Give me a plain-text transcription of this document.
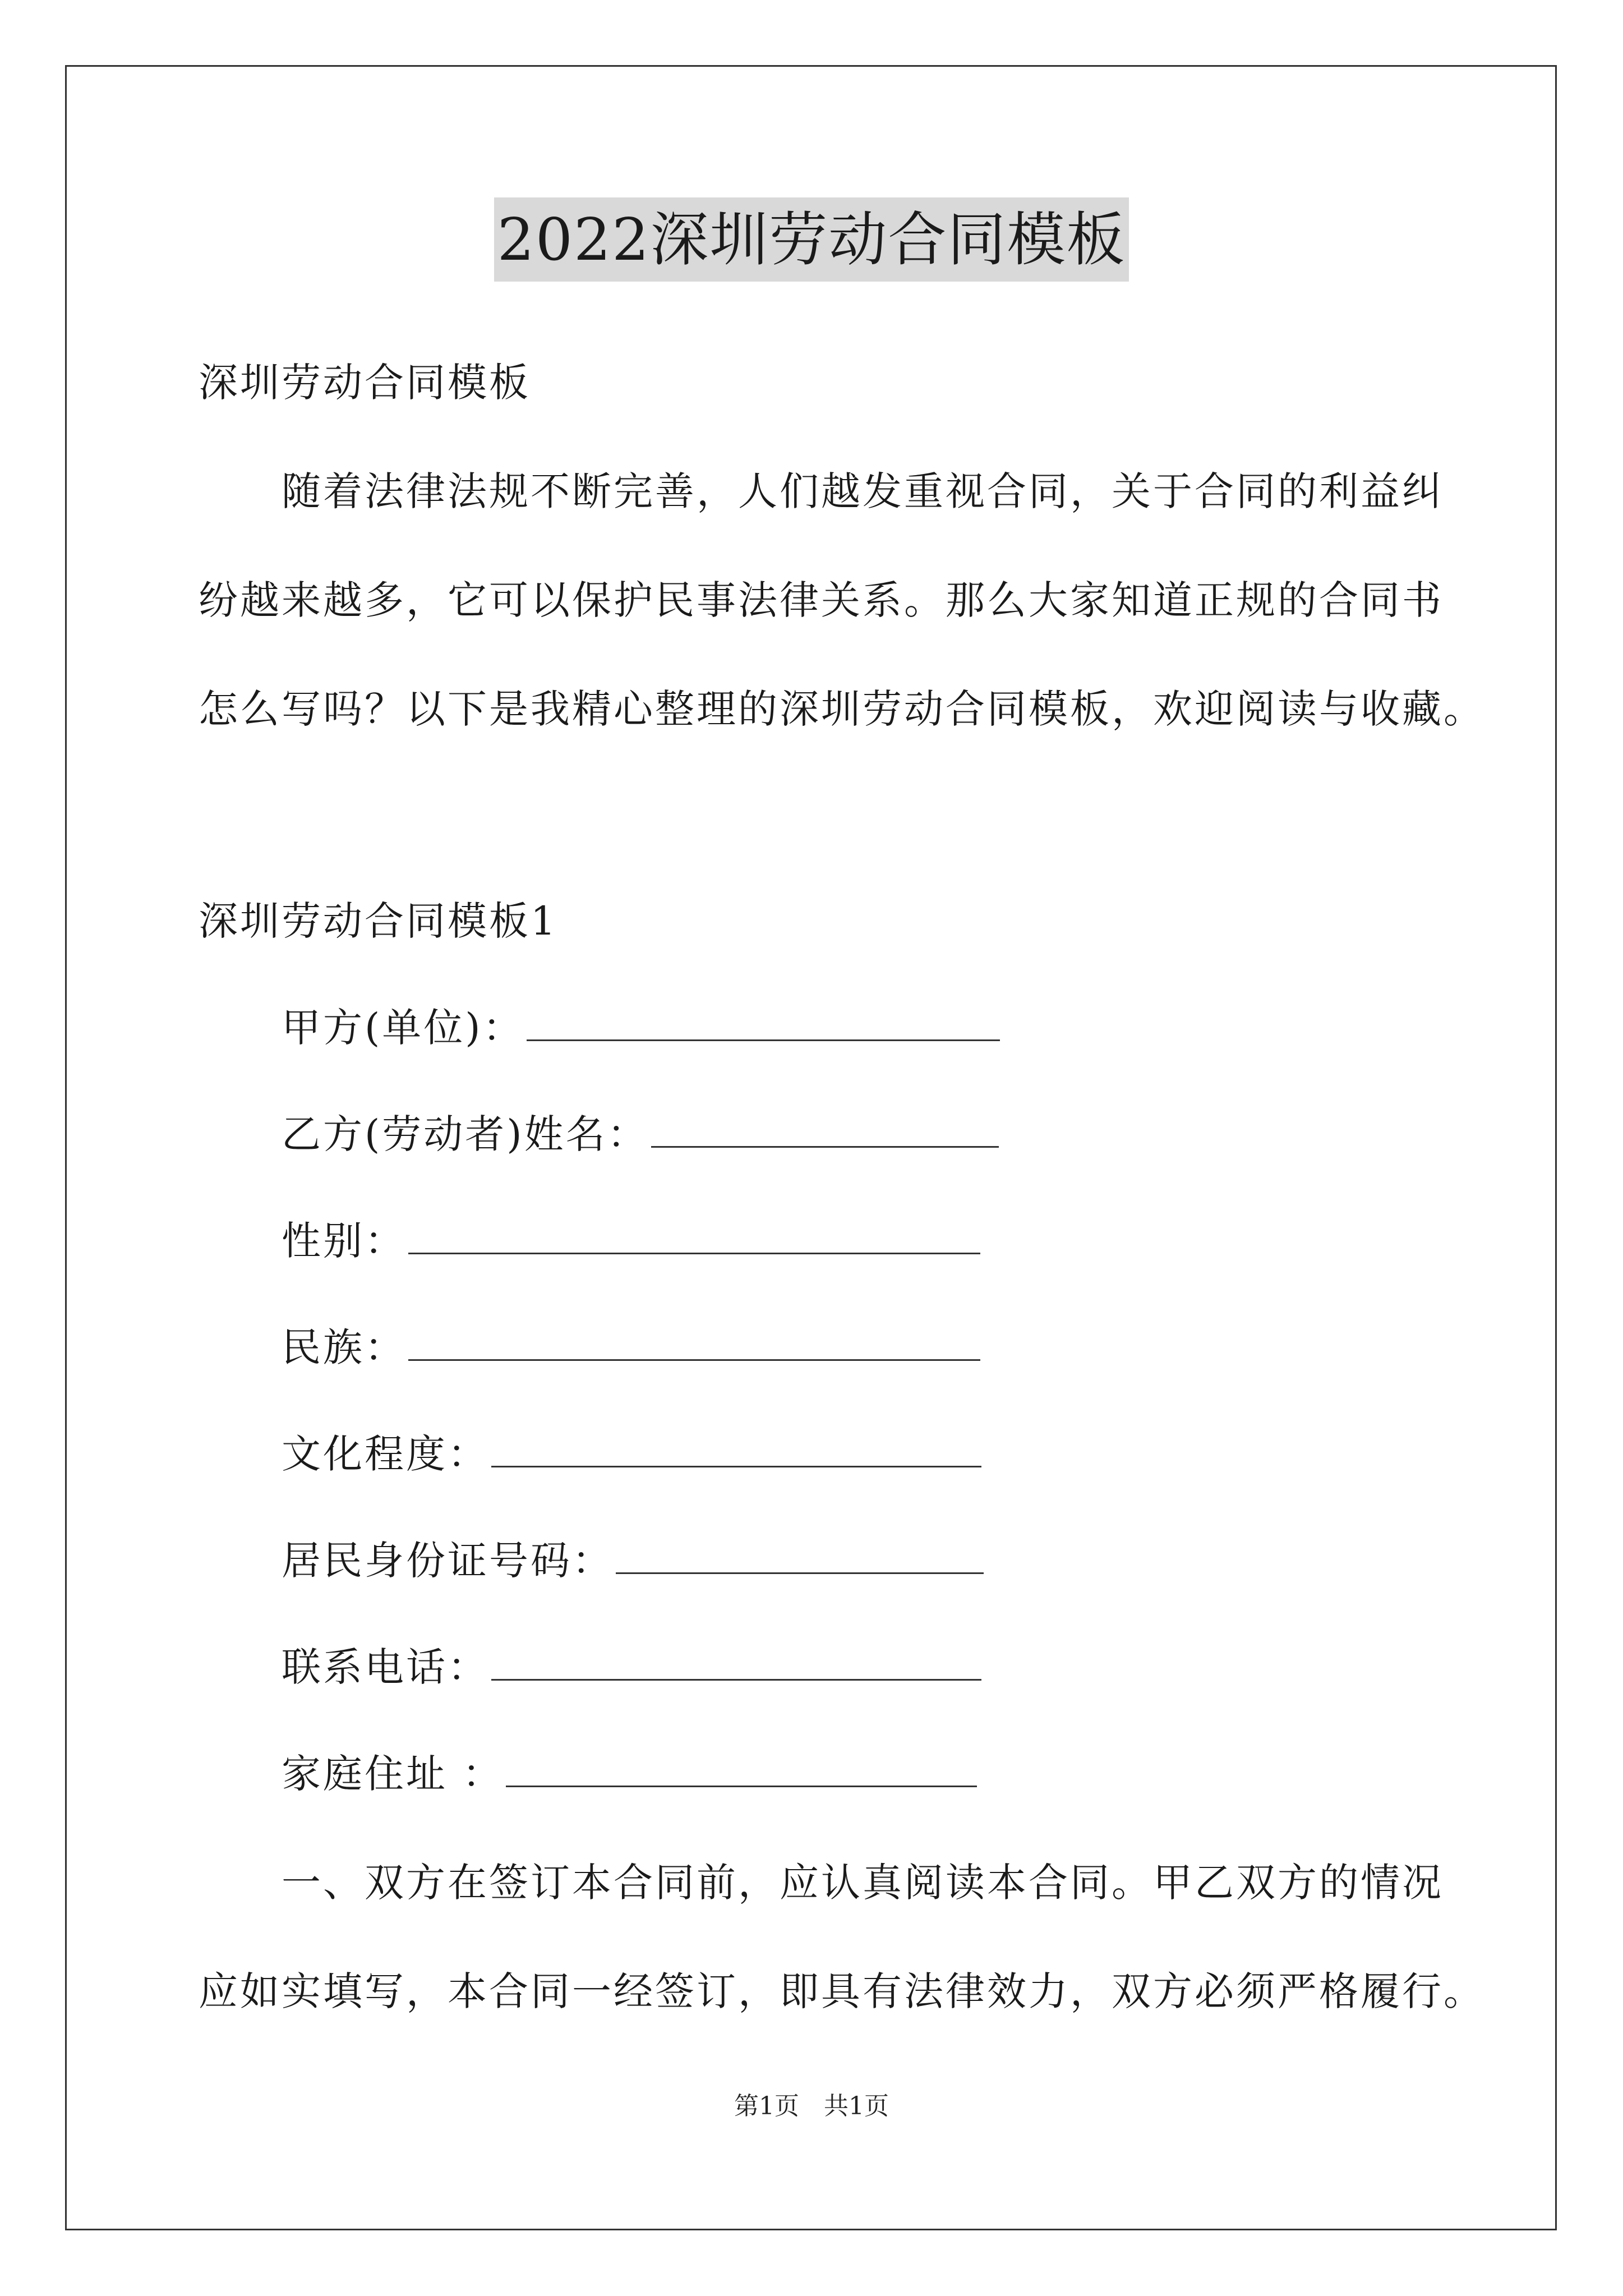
2022深圳劳动合同模板
深圳劳动合同模板
随着法律法规不断完善，人们越发重视合同，关于合同的利益纠
纷越来越多，它可以保护民事法律关系。那么大家知道正规的合同书
怎么写吗？以下是我精心整理的深圳劳动合同模板，欢迎阅读与收藏。
深圳劳动合同模板1
甲方(单位)：
乙方(劳动者)姓名：
性别：
民族：
文化程度：
居民身份证号码：
联系电话：
家庭住址 ：
一、双方在签订本合同前，应认真阅读本合同。甲乙双方的情况
应如实填写，本合同一经签订，即具有法律效力，双方必须严格履行。
第1页　共1页
